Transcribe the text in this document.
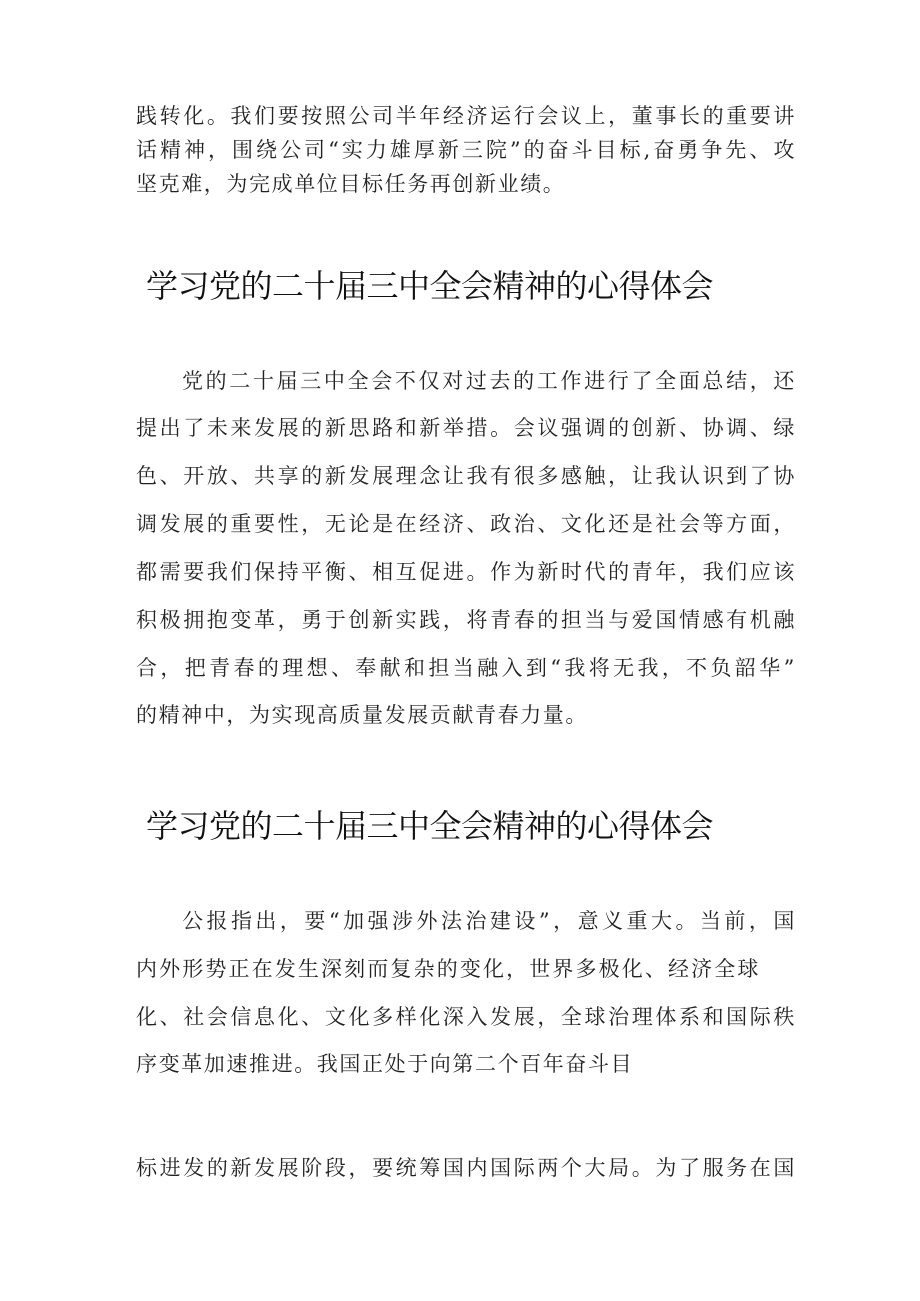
践转化。我们要按照公司半年经济运行会议上，董事长的重要讲
话精神，围绕公司“实力雄厚新三院”的奋斗目标,奋勇争先、攻
坚克难，为完成单位目标任务再创新业绩。
学习党的二十届三中全会精神的心得体会
党的二十届三中全会不仅对过去的工作进行了全面总结，还
提出了未来发展的新思路和新举措。会议强调的创新、协调、绿
色、开放、共享的新发展理念让我有很多感触，让我认识到了协
调发展的重要性，无论是在经济、政治、文化还是社会等方面，
都需要我们保持平衡、相互促进。作为新时代的青年，我们应该
积极拥抱变革，勇于创新实践，将青春的担当与爱国情感有机融
合，把青春的理想、奉献和担当融入到“我将无我，不负韶华”
的精神中，为实现高质量发展贡献青春力量。
学习党的二十届三中全会精神的心得体会
公报指出，要“加强涉外法治建设”，意义重大。当前，国
内外形势正在发生深刻而复杂的变化，世界多极化、经济全球
化、社会信息化、文化多样化深入发展，全球治理体系和国际秩
序变革加速推进。我国正处于向第二个百年奋斗目
标进发的新发展阶段，要统筹国内国际两个大局。为了服务在国
